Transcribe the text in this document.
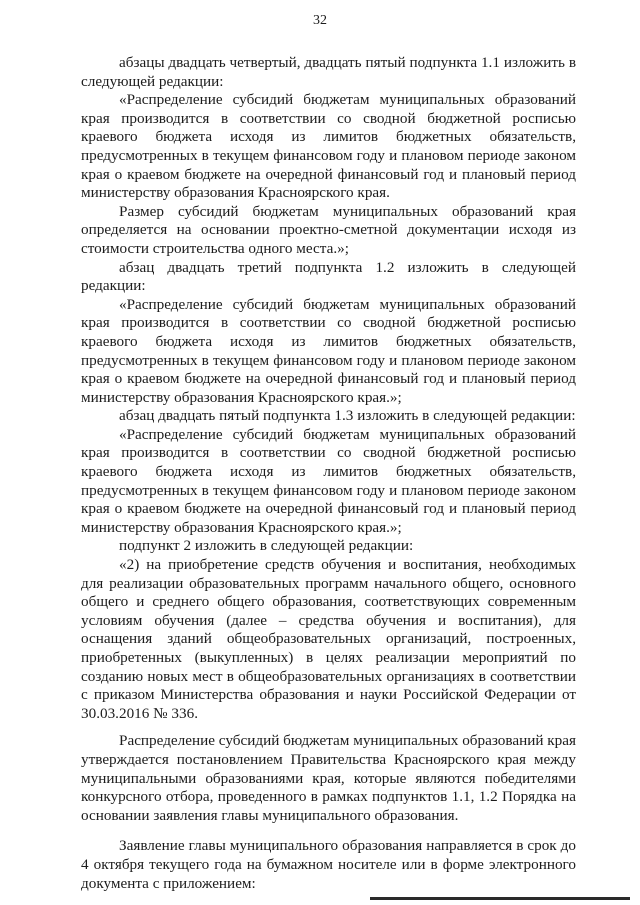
32

абзацы двадцать четвертый, двадцать пятый подпункта 1.1 изложить в следующей редакции:

«Распределение субсидий бюджетам муниципальных образований края производится в соответствии со сводной бюджетной росписью краевого бюджета исходя из лимитов бюджетных обязательств, предусмотренных в текущем финансовом году и плановом периоде законом края о краевом бюджете на очередной финансовый год и плановый период министерству образования Красноярского края.

Размер субсидий бюджетам муниципальных образований края определяется на основании проектно-сметной документации исходя из стоимости строительства одного места.»;

абзац двадцать третий подпункта 1.2 изложить в следующей редакции:

«Распределение субсидий бюджетам муниципальных образований края производится в соответствии со сводной бюджетной росписью краевого бюджета исходя из лимитов бюджетных обязательств, предусмотренных в текущем финансовом году и плановом периоде законом края о краевом бюджете на очередной финансовый год и плановый период министерству образования Красноярского края.»;

абзац двадцать пятый подпункта 1.3 изложить в следующей редакции:

«Распределение субсидий бюджетам муниципальных образований края производится в соответствии со сводной бюджетной росписью краевого бюджета исходя из лимитов бюджетных обязательств, предусмотренных в текущем финансовом году и плановом периоде законом края о краевом бюджете на очередной финансовый год и плановый период министерству образования Красноярского края.»;

подпункт 2 изложить в следующей редакции:

«2) на приобретение средств обучения и воспитания, необходимых для реализации образовательных программ начального общего, основного общего и среднего общего образования, соответствующих современным условиям обучения (далее – средства обучения и воспитания), для оснащения зданий общеобразовательных организаций, построенных, приобретенных (выкупленных) в целях реализации мероприятий по созданию новых мест в общеобразовательных организациях в соответствии с приказом Министерства образования и науки Российской Федерации от 30.03.2016 № 336.

Распределение субсидий бюджетам муниципальных образований края утверждается постановлением Правительства Красноярского края между муниципальными образованиями края, которые являются победителями конкурсного отбора, проведенного в рамках подпунктов 1.1, 1.2 Порядка на основании заявления главы муниципального образования.

Заявление главы муниципального образования направляется в срок до 4 октября текущего года на бумажном носителе или в форме электронного документа с приложением:
